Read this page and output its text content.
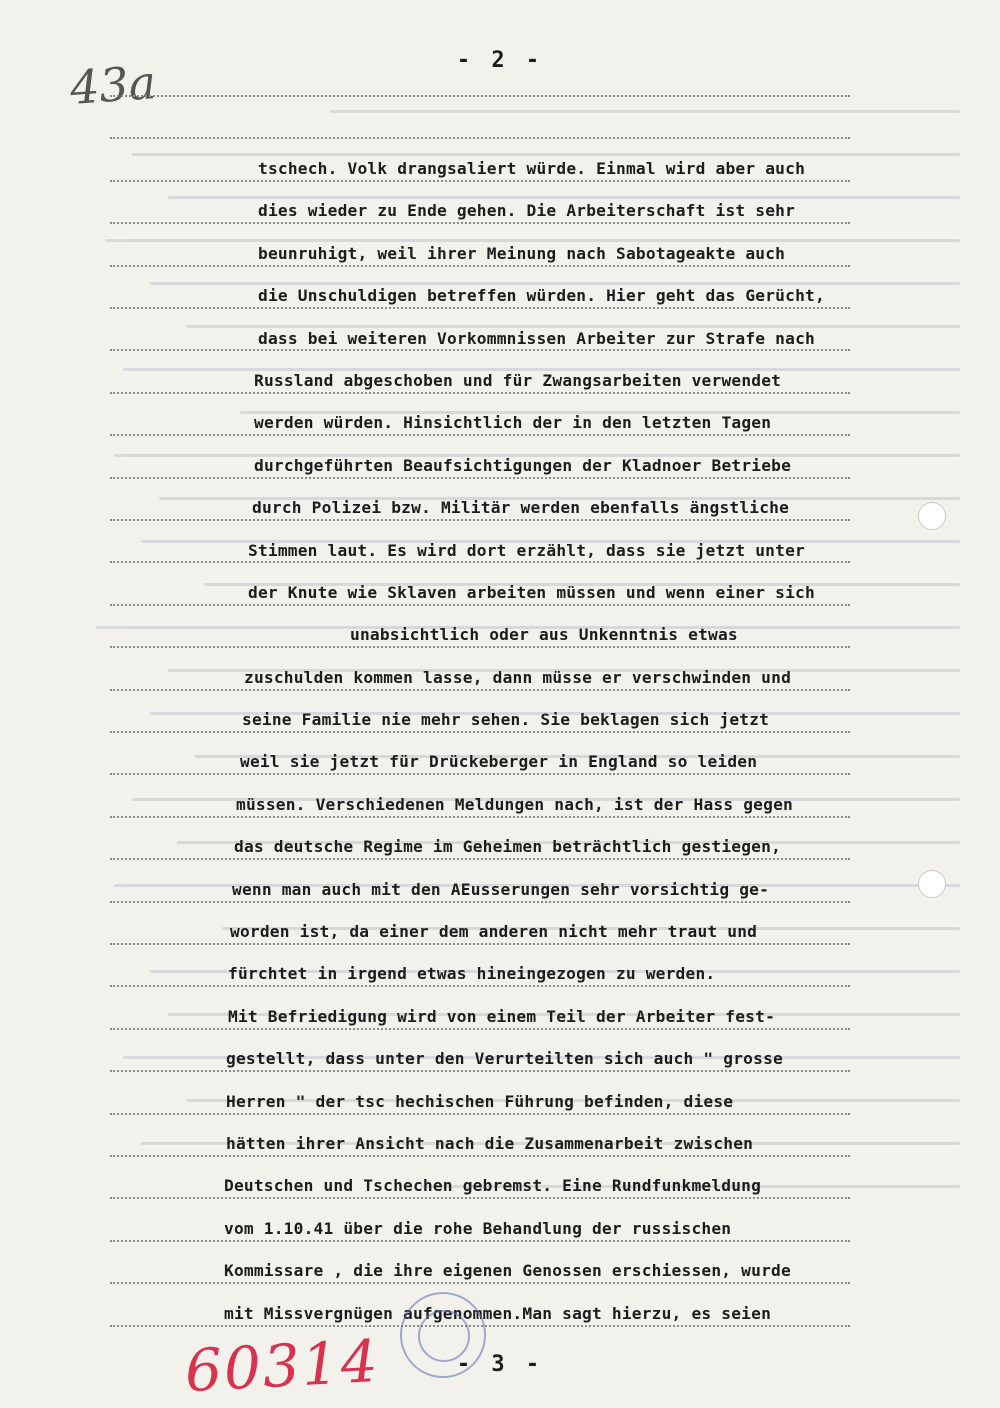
- 2 -
43a
tschech. Volk drangsaliert würde. Einmal wird aber auch
dies wieder zu Ende gehen. Die Arbeiterschaft ist sehr
beunruhigt, weil ihrer Meinung nach Sabotageakte auch
die Unschuldigen betreffen würden. Hier geht das Gerücht,
dass bei weiteren Vorkommnissen Arbeiter zur Strafe nach
Russland abgeschoben und für Zwangsarbeiten verwendet
werden würden. Hinsichtlich der in den letzten Tagen
durchgeführten Beaufsichtigungen der Kladnoer Betriebe
durch Polizei bzw. Militär werden ebenfalls ängstliche
Stimmen laut. Es wird dort erzählt, dass sie jetzt unter
der Knute wie Sklaven arbeiten müssen und wenn einer sich
unabsichtlich oder aus Unkenntnis etwas
zuschulden kommen lasse, dann müsse er verschwinden und
seine Familie nie mehr sehen. Sie beklagen sich jetzt
weil sie jetzt für Drückeberger in England so leiden
müssen. Verschiedenen Meldungen nach, ist der Hass gegen
das deutsche Regime im Geheimen beträchtlich gestiegen,
wenn man auch mit den AEusserungen sehr vorsichtig ge-
worden ist, da einer dem anderen nicht mehr traut und
fürchtet in irgend etwas hineingezogen zu werden.
Mit Befriedigung wird von einem Teil der Arbeiter fest-
gestellt, dass unter den Verurteilten sich auch " grosse
Herren " der tsc hechischen Führung befinden, diese
hätten ihrer Ansicht nach die Zusammenarbeit zwischen
Deutschen und Tschechen gebremst. Eine Rundfunkmeldung
vom 1.10.41 über die rohe Behandlung der russischen
Kommissare , die ihre eigenen Genossen erschiessen, wurde
mit Missvergnügen aufgenommen.Man sagt hierzu, es seien
60314	- 3 -
